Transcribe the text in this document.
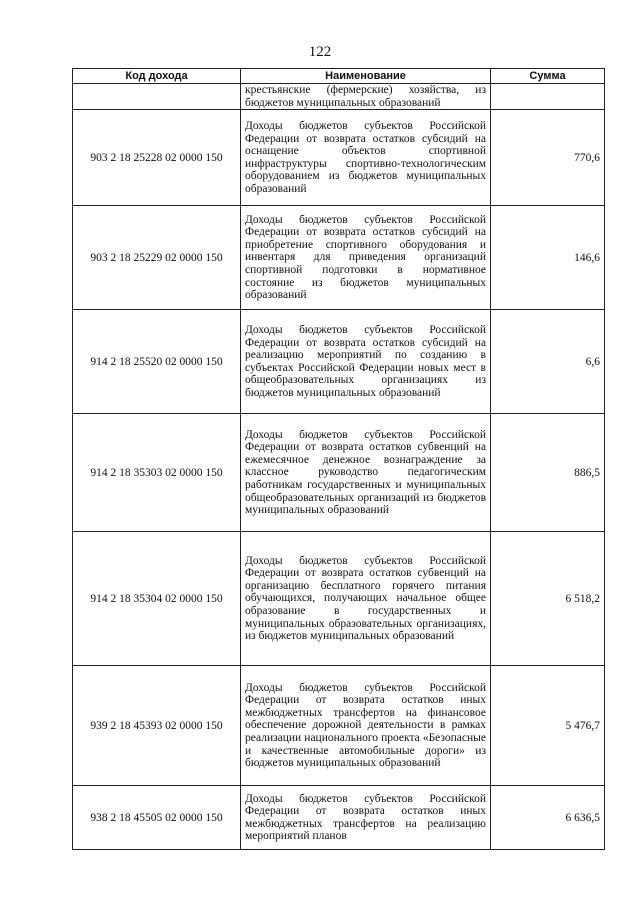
122
Код дохода	Наименование	Сумма
	крестьянские (фермерские) хозяйства, из бюджетов муниципальных образований	
903 2 18 25228 02 0000 150	Доходы бюджетов субъектов Российской Федерации от возврата остатков субсидий на оснащение объектов спортивной инфраструктуры спортивно-технологическим оборудованием из бюджетов муниципальных образований	770,6
903 2 18 25229 02 0000 150	Доходы бюджетов субъектов Российской Федерации от возврата остатков субсидий на приобретение спортивного оборудования и инвентаря для приведения организаций спортивной подготовки в нормативное состояние из бюджетов муниципальных образований	146,6
914 2 18 25520 02 0000 150	Доходы бюджетов субъектов Российской Федерации от возврата остатков субсидий на реализацию мероприятий по созданию в субъектах Российской Федерации новых мест в общеобразовательных организациях из бюджетов муниципальных образований	6,6
914 2 18 35303 02 0000 150	Доходы бюджетов субъектов Российской Федерации от возврата остатков субвенций на ежемесячное денежное вознаграждение за классное руководство педагогическим работникам государственных и муниципальных общеобразовательных организаций из бюджетов муниципальных образований	886,5
914 2 18 35304 02 0000 150	Доходы бюджетов субъектов Российской Федерации от возврата остатков субвенций на организацию бесплатного горячего питания обучающихся, получающих начальное общее образование в государственных и муниципальных образовательных организациях, из бюджетов муниципальных образований	6 518,2
939 2 18 45393 02 0000 150	Доходы бюджетов субъектов Российской Федерации от возврата остатков иных межбюджетных трансфертов на финансовое обеспечение дорожной деятельности в рамках реализации национального проекта «Безопасные и качественные автомобильные дороги» из бюджетов муниципальных образований	5 476,7
938 2 18 45505 02 0000 150	Доходы бюджетов субъектов Российской Федерации от возврата остатков иных межбюджетных трансфертов на реализацию мероприятий планов	6 636,5
